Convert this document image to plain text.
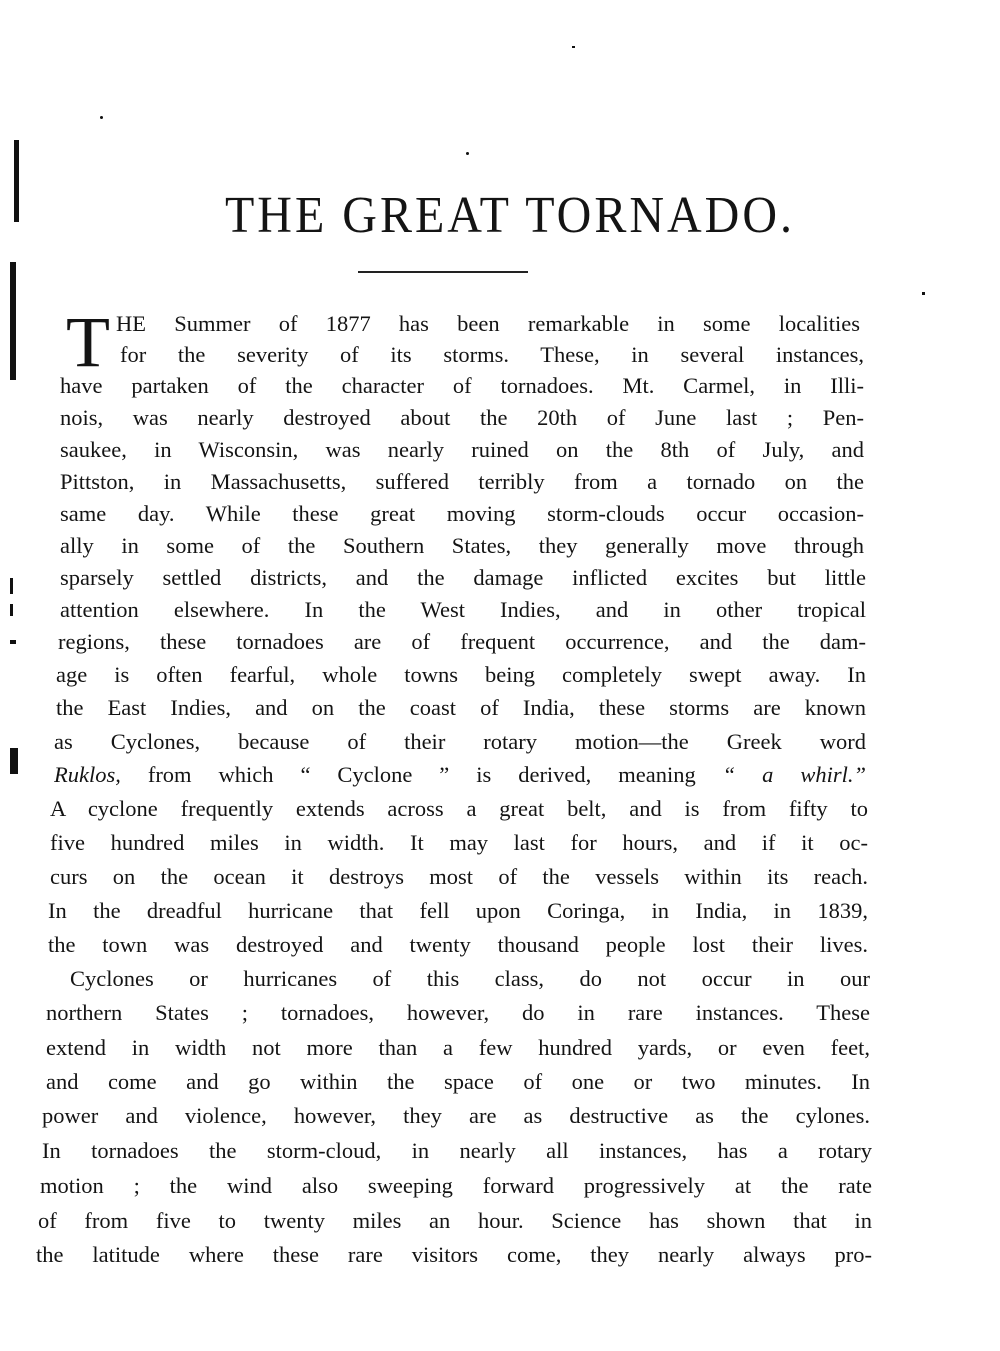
THE GREAT TORNADO.
T HE Summer of 1877 has been remarkable in some localities
for the severity of its storms. These, in several instances,
have partaken of the character of tornadoes. Mt. Carmel, in Illi-
nois, was nearly destroyed about the 20th of June last ; Pen-
saukee, in Wisconsin, was nearly ruined on the 8th of July, and
Pittston, in Massachusetts, suffered terribly from a tornado on the
same day. While these great moving storm-clouds occur occasion-
ally in some of the Southern States, they generally move through
sparsely settled districts, and the damage inflicted excites but little
attention elsewhere. In the West Indies, and in other tropical
regions, these tornadoes are of frequent occurrence, and the dam-
age is often fearful, whole towns being completely swept away. In
the East Indies, and on the coast of India, these storms are known
as Cyclones, because of their rotary motion—the Greek word
Ruklos, from which “ Cyclone ” is derived, meaning “ a whirl.”
A cyclone frequently extends across a great belt, and is from fifty to
five hundred miles in width. It may last for hours, and if it oc-
curs on the ocean it destroys most of the vessels within its reach.
In the dreadful hurricane that fell upon Coringa, in India, in 1839,
the town was destroyed and twenty thousand people lost their lives.
Cyclones or hurricanes of this class, do not occur in our
northern States ; tornadoes, however, do in rare instances. These
extend in width not more than a few hundred yards, or even feet,
and come and go within the space of one or two minutes. In
power and violence, however, they are as destructive as the cylones.
In tornadoes the storm-cloud, in nearly all instances, has a rotary
motion ; the wind also sweeping forward progressively at the rate
of from five to twenty miles an hour. Science has shown that in
the latitude where these rare visitors come, they nearly always pro-
